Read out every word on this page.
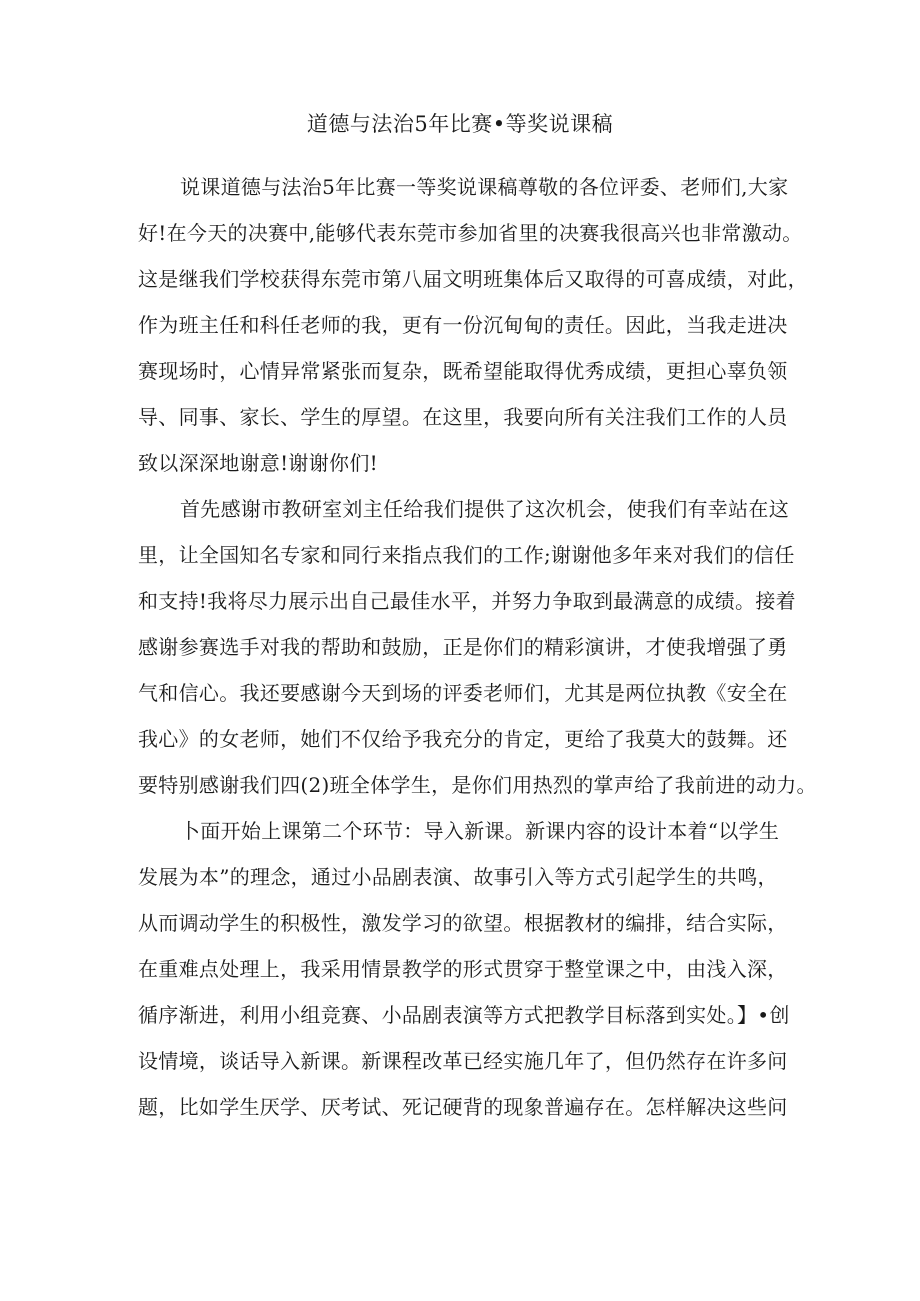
道德与法治5年比赛•等奖说课稿
说课道德与法治5年比赛一等奖说课稿尊敬的各位评委、老师们,大家
好!在今天的决赛中,能够代表东莞市参加省里的决赛我很高兴也非常激动。
这是继我们学校获得东莞市第八届文明班集体后又取得的可喜成绩，对此，
作为班主任和科任老师的我，更有一份沉甸甸的责任。因此，当我走进决
赛现场时，心情异常紧张而复杂，既希望能取得优秀成绩，更担心辜负领
导、同事、家长、学生的厚望。在这里，我要向所有关注我们工作的人员
致以深深地谢意!谢谢你们!
首先感谢市教研室刘主任给我们提供了这次机会，使我们有幸站在这
里，让全国知名专家和同行来指点我们的工作;谢谢他多年来对我们的信任
和支持!我将尽力展示出自己最佳水平，并努力争取到最满意的成绩。接着
感谢参赛选手对我的帮助和鼓励，正是你们的精彩演讲，才使我增强了勇
气和信心。我还要感谢今天到场的评委老师们，尤其是两位执教《安全在
我心》的女老师，她们不仅给予我充分的肯定，更给了我莫大的鼓舞。还
要特别感谢我们四(2)班全体学生，是你们用热烈的掌声给了我前进的动力。
卜面开始上课第二个环节：导入新课。新课内容的设计本着“以学生
发展为本”的理念，通过小品剧表演、故事引入等方式引起学生的共鸣，
从而调动学生的积极性，激发学习的欲望。根据教材的编排，结合实际，
在重难点处理上，我采用情景教学的形式贯穿于整堂课之中，由浅入深，
循序渐进，利用小组竞赛、小品剧表演等方式把教学目标落到实处。】•创
设情境，谈话导入新课。新课程改革已经实施几年了，但仍然存在许多问
题，比如学生厌学、厌考试、死记硬背的现象普遍存在。怎样解决这些问
